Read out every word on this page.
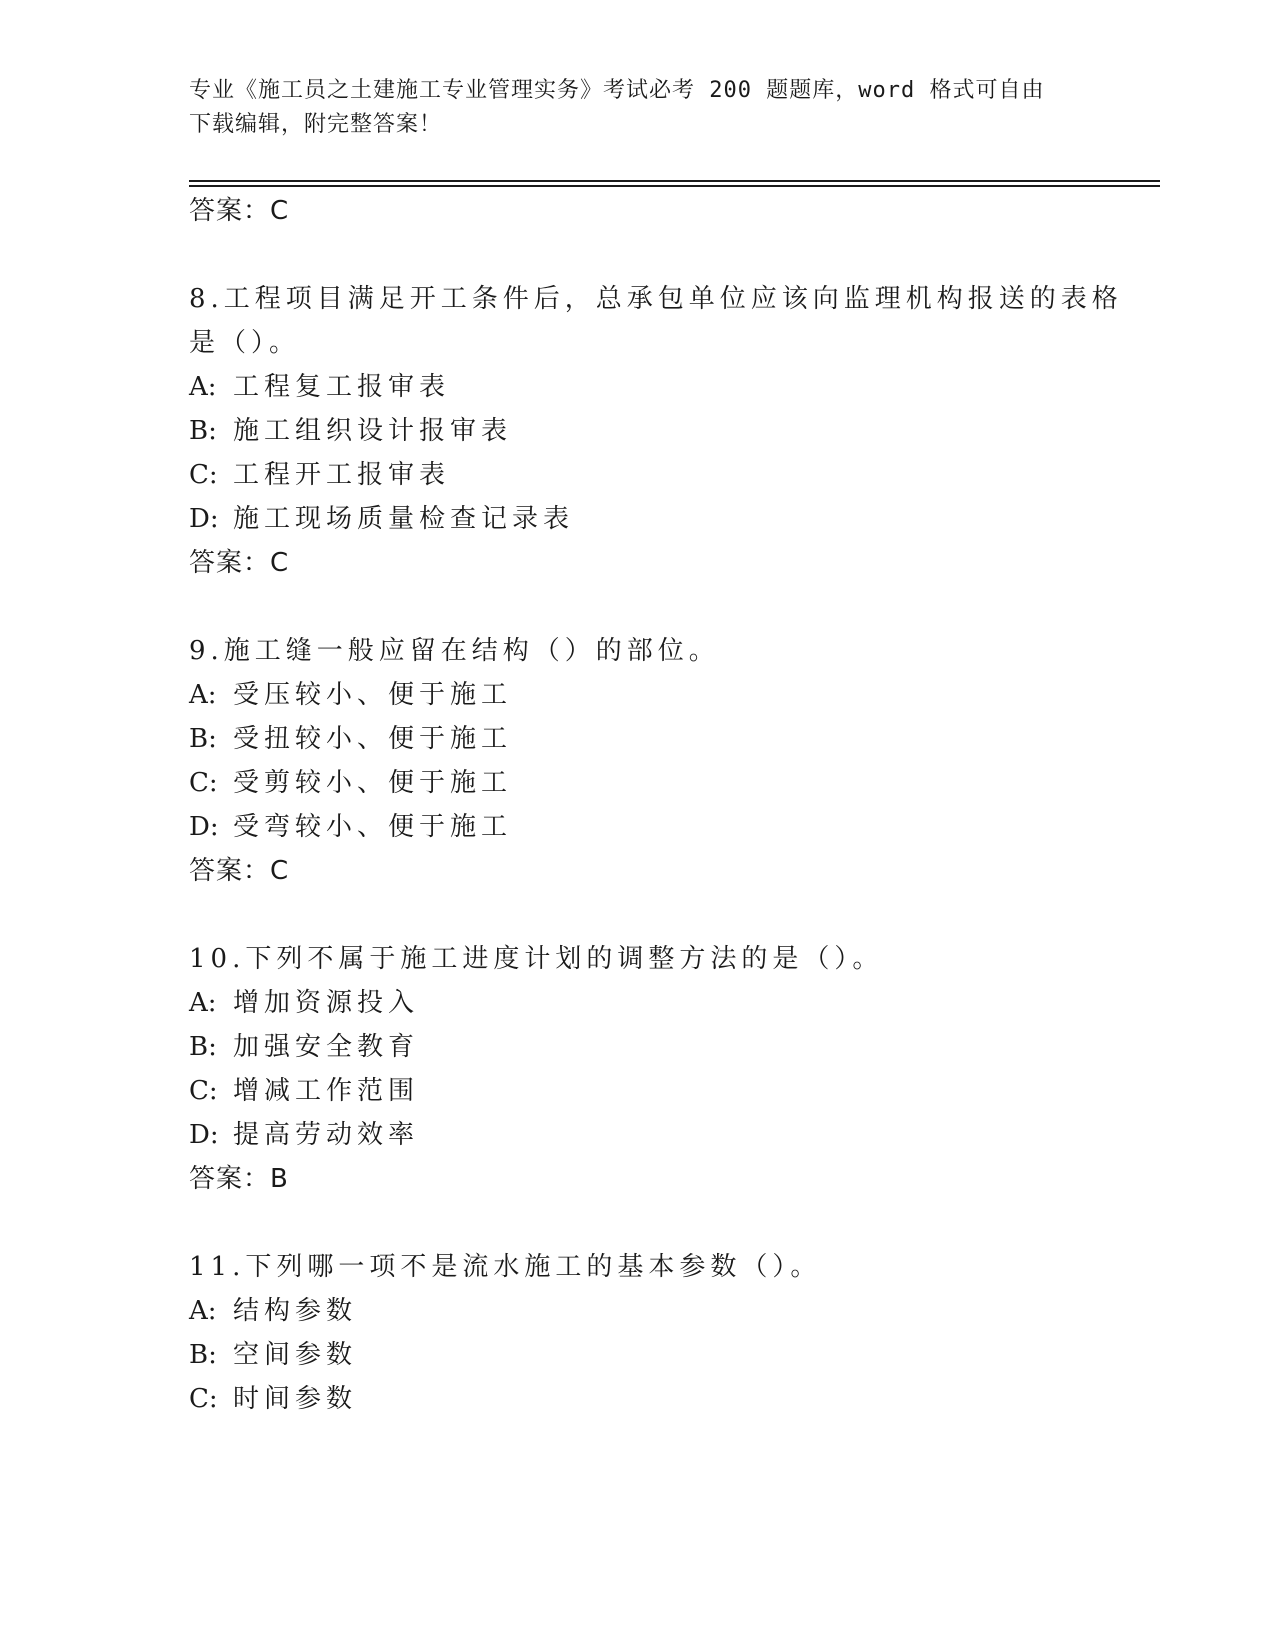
专业《施工员之土建施工专业管理实务》考试必考 200 题题库，word 格式可自由
下载编辑，附完整答案！
答案：C
8.工程项目满足开工条件后，总承包单位应该向监理机构报送的表格
是（）。
A: 工程复工报审表
B: 施工组织设计报审表
C: 工程开工报审表
D: 施工现场质量检查记录表
答案：C
9.施工缝一般应留在结构（）的部位。
A: 受压较小、便于施工
B: 受扭较小、便于施工
C: 受剪较小、便于施工
D: 受弯较小、便于施工
答案：C
10.下列不属于施工进度计划的调整方法的是（）。
A: 增加资源投入
B: 加强安全教育
C: 增减工作范围
D: 提高劳动效率
答案：B
11.下列哪一项不是流水施工的基本参数（）。
A: 结构参数
B: 空间参数
C: 时间参数
